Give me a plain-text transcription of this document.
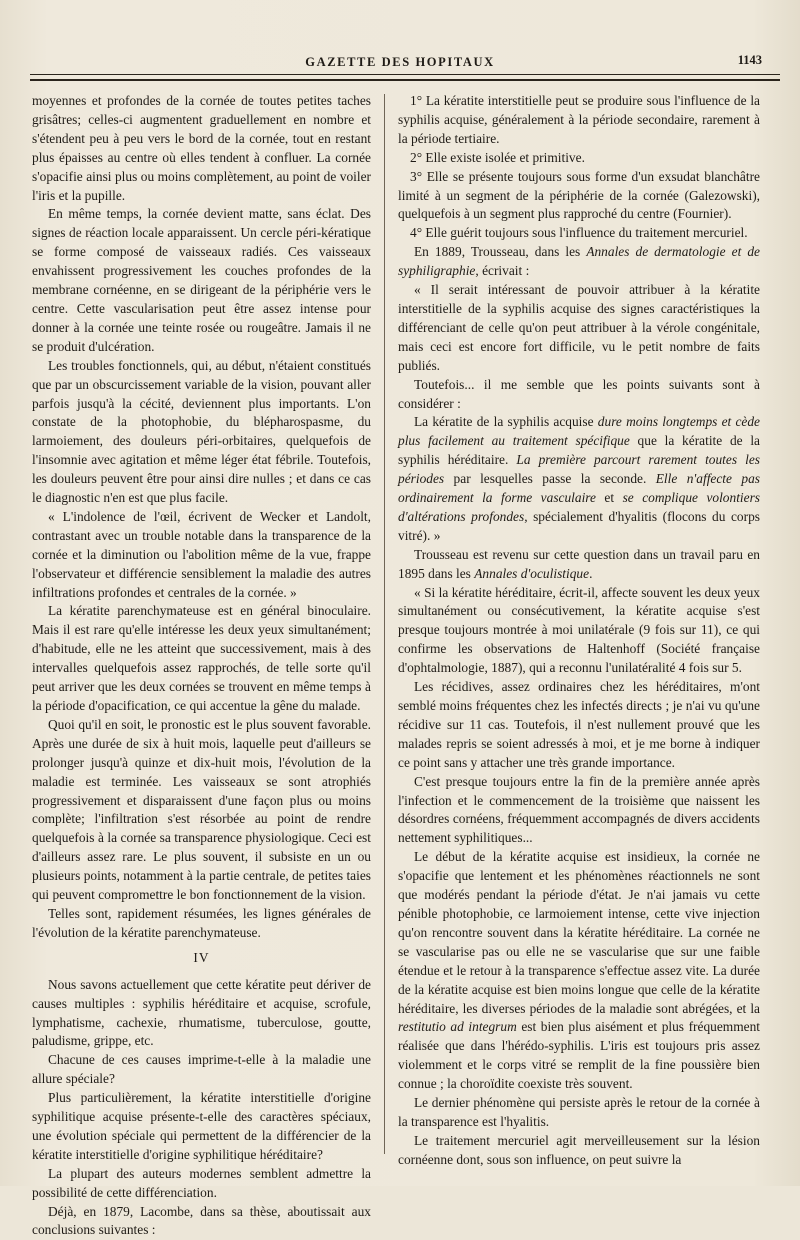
GAZETTE DES HOPITAUX	1143

moyennes et profondes de la cornée de toutes petites taches grisâtres; celles-ci augmentent graduellement en nombre et s'étendent peu à peu vers le bord de la cornée, tout en restant plus épaisses au centre où elles tendent à confluer. La cornée s'opacifie ainsi plus ou moins complètement, au point de voiler l'iris et la pupille.

En même temps, la cornée devient matte, sans éclat. Des signes de réaction locale apparaissent. Un cercle péri-kératique se forme composé de vaisseaux radiés. Ces vaisseaux envahissent progressivement les couches profondes de la membrane cornéenne, en se dirigeant de la périphérie vers le centre. Cette vascularisation peut être assez intense pour donner à la cornée une teinte rosée ou rougeâtre. Jamais il ne se produit d'ulcération.

Les troubles fonctionnels, qui, au début, n'étaient constitués que par un obscurcissement variable de la vision, pouvant aller parfois jusqu'à la cécité, deviennent plus importants. L'on constate de la photophobie, du blépharospasme, du larmoiement, des douleurs péri-orbitaires, quelquefois de l'insomnie avec agitation et même léger état fébrile. Toutefois, les douleurs peuvent être pour ainsi dire nulles ; et dans ce cas le diagnostic n'en est que plus facile.

« L'indolence de l'œil, écrivent de Wecker et Landolt, contrastant avec un trouble notable dans la transparence de la cornée et la diminution ou l'abolition même de la vue, frappe l'observateur et différencie sensiblement la maladie des autres infiltrations profondes et centrales de la cornée. »

La kératite parenchymateuse est en général binoculaire. Mais il est rare qu'elle intéresse les deux yeux simultanément; d'habitude, elle ne les atteint que successivement, mais à des intervalles quelquefois assez rapprochés, de telle sorte qu'il peut arriver que les deux cornées se trouvent en même temps à la période d'opacification, ce qui accentue la gêne du malade.

Quoi qu'il en soit, le pronostic est le plus souvent favorable. Après une durée de six à huit mois, laquelle peut d'ailleurs se prolonger jusqu'à quinze et dix-huit mois, l'évolution de la maladie est terminée. Les vaisseaux se sont atrophiés progressivement et disparaissent d'une façon plus ou moins complète; l'infiltration s'est résorbée au point de rendre quelquefois à la cornée sa transparence physiologique. Ceci est d'ailleurs assez rare. Le plus souvent, il subsiste en un ou plusieurs points, notamment à la partie centrale, de petites taies qui peuvent compromettre le bon fonctionnement de la vision.

Telles sont, rapidement résumées, les lignes générales de l'évolution de la kératite parenchymateuse.

IV

Nous savons actuellement que cette kératite peut dériver de causes multiples : syphilis héréditaire et acquise, scrofule, lymphatisme, cachexie, rhumatisme, tuberculose, goutte, paludisme, grippe, etc.

Chacune de ces causes imprime-t-elle à la maladie une allure spéciale?

Plus particulièrement, la kératite interstitielle d'origine syphilitique acquise présente-t-elle des caractères spéciaux, une évolution spéciale qui permettent de la différencier de la kératite interstitielle d'origine syphilitique héréditaire?

La plupart des auteurs modernes semblent admettre la possibilité de cette différenciation.

Déjà, en 1879, Lacombe, dans sa thèse, aboutissait aux conclusions suivantes :

1° La kératite interstitielle peut se produire sous l'influence de la syphilis acquise, généralement à la période secondaire, rarement à la période tertiaire.

2° Elle existe isolée et primitive.

3° Elle se présente toujours sous forme d'un exsudat blanchâtre limité à un segment de la périphérie de la cornée (Galezowski), quelquefois à un segment plus rapproché du centre (Fournier).

4° Elle guérit toujours sous l'influence du traitement mercuriel.

En 1889, Trousseau, dans les Annales de dermatologie et de syphiligraphie, écrivait :

« Il serait intéressant de pouvoir attribuer à la kératite interstitielle de la syphilis acquise des signes caractéristiques la différenciant de celle qu'on peut attribuer à la vérole congénitale, mais ceci est encore fort difficile, vu le petit nombre de faits publiés.

Toutefois... il me semble que les points suivants sont à considérer :

La kératite de la syphilis acquise dure moins longtemps et cède plus facilement au traitement spécifique que la kératite de la syphilis héréditaire. La première parcourt rarement toutes les périodes par lesquelles passe la seconde. Elle n'affecte pas ordinairement la forme vasculaire et se complique volontiers d'altérations profondes, spécialement d'hyalitis (flocons du corps vitré). »

Trousseau est revenu sur cette question dans un travail paru en 1895 dans les Annales d'oculistique.

« Si la kératite héréditaire, écrit-il, affecte souvent les deux yeux simultanément ou consécutivement, la kératite acquise s'est presque toujours montrée à moi unilatérale (9 fois sur 11), ce qui confirme les observations de Haltenhoff (Société française d'ophtalmologie, 1887), qui a reconnu l'unilatéralité 4 fois sur 5.

Les récidives, assez ordinaires chez les héréditaires, m'ont semblé moins fréquentes chez les infectés directs ; je n'ai vu qu'une récidive sur 11 cas. Toutefois, il n'est nullement prouvé que les malades repris se soient adressés à moi, et je me borne à indiquer ce point sans y attacher une très grande importance.

C'est presque toujours entre la fin de la première année après l'infection et le commencement de la troisième que naissent les désordres cornéens, fréquemment accompagnés de divers accidents nettement syphilitiques...

Le début de la kératite acquise est insidieux, la cornée ne s'opacifie que lentement et les phénomènes réactionnels ne sont que modérés pendant la période d'état. Je n'ai jamais vu cette pénible photophobie, ce larmoiement intense, cette vive injection qu'on rencontre souvent dans la kératite héréditaire. La cornée ne se vascularise pas ou elle ne se vascularise que sur une faible étendue et le retour à la transparence s'effectue assez vite. La durée de la kératite acquise est bien moins longue que celle de la kératite héréditaire, les diverses périodes de la maladie sont abrégées, et la restitutio ad integrum est bien plus aisément et plus fréquemment réalisée que dans l'hérédo-syphilis. L'iris est toujours pris assez violemment et le corps vitré se remplit de la fine poussière bien connue ; la choroïdite coexiste très souvent.

Le dernier phénomène qui persiste après le retour de la cornée à la transparence est l'hyalitis.

Le traitement mercuriel agit merveilleusement sur la lésion cornéenne dont, sous son influence, on peut suivre la
